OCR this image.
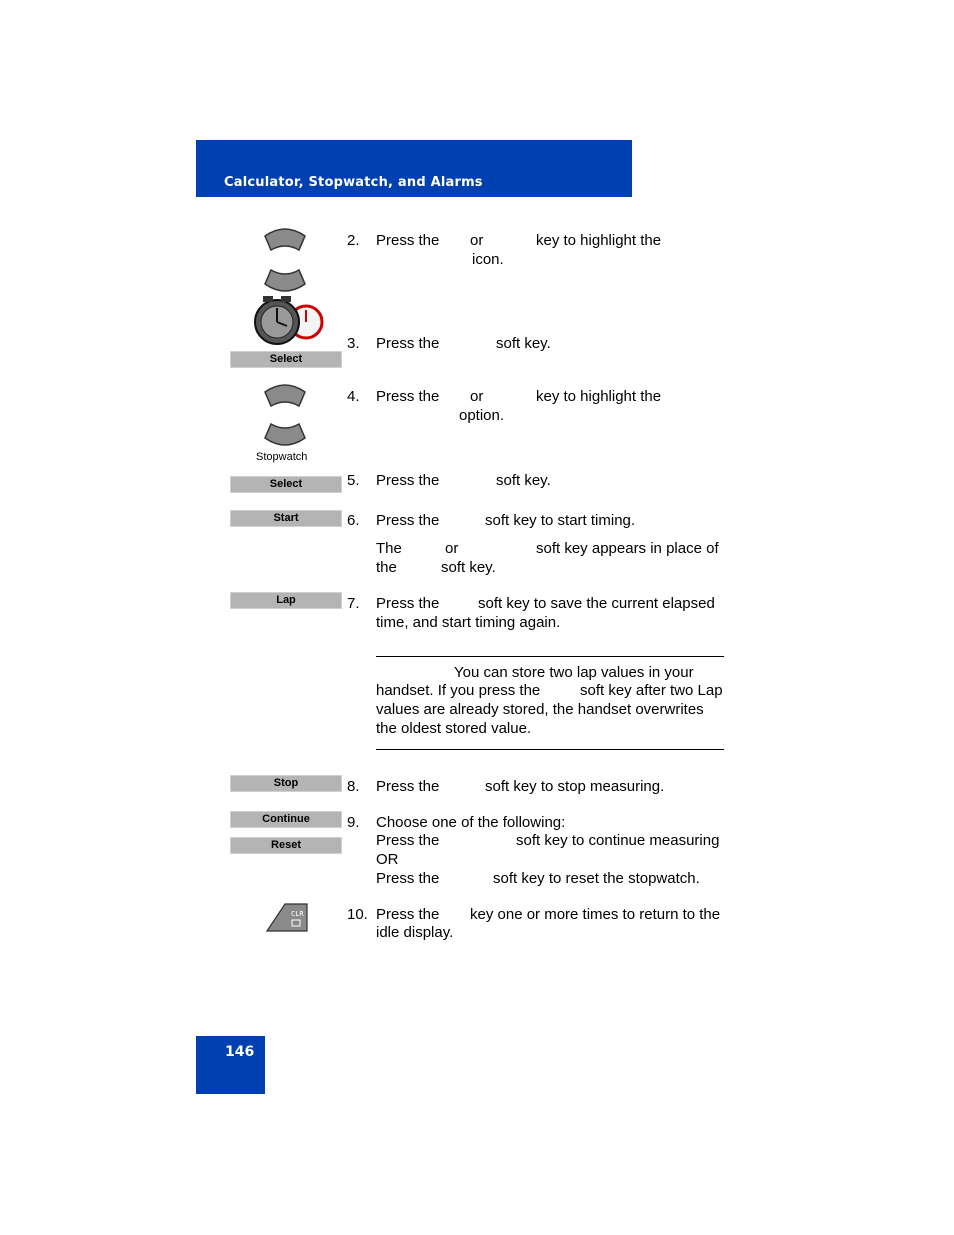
Calculator, Stopwatch, and Alarms
Select
Stopwatch
Select
Start
Lap
Stop
Continue
Reset
CLR
2. Press the or	key to highlight the
icon.
3. Press the	soft key.
4. Press the or	key to highlight the
option.
5. Press the	soft key.
6. Press the	soft key to start timing.
The	or	soft key appears in place of
the	soft key.
7. Press the	soft key to save the current elapsed
time, and start timing again.
You can store two lap values in your
handset. If you press the	soft key after two Lap
values are already stored, the handset overwrites
the oldest stored value.
8. Press the	soft key to stop measuring.
9. Choose one of the following:
Press the	soft key to continue measuring
OR
Press the	soft key to reset the stopwatch.
10. Press the key one or more times to return to the
idle display.
146
